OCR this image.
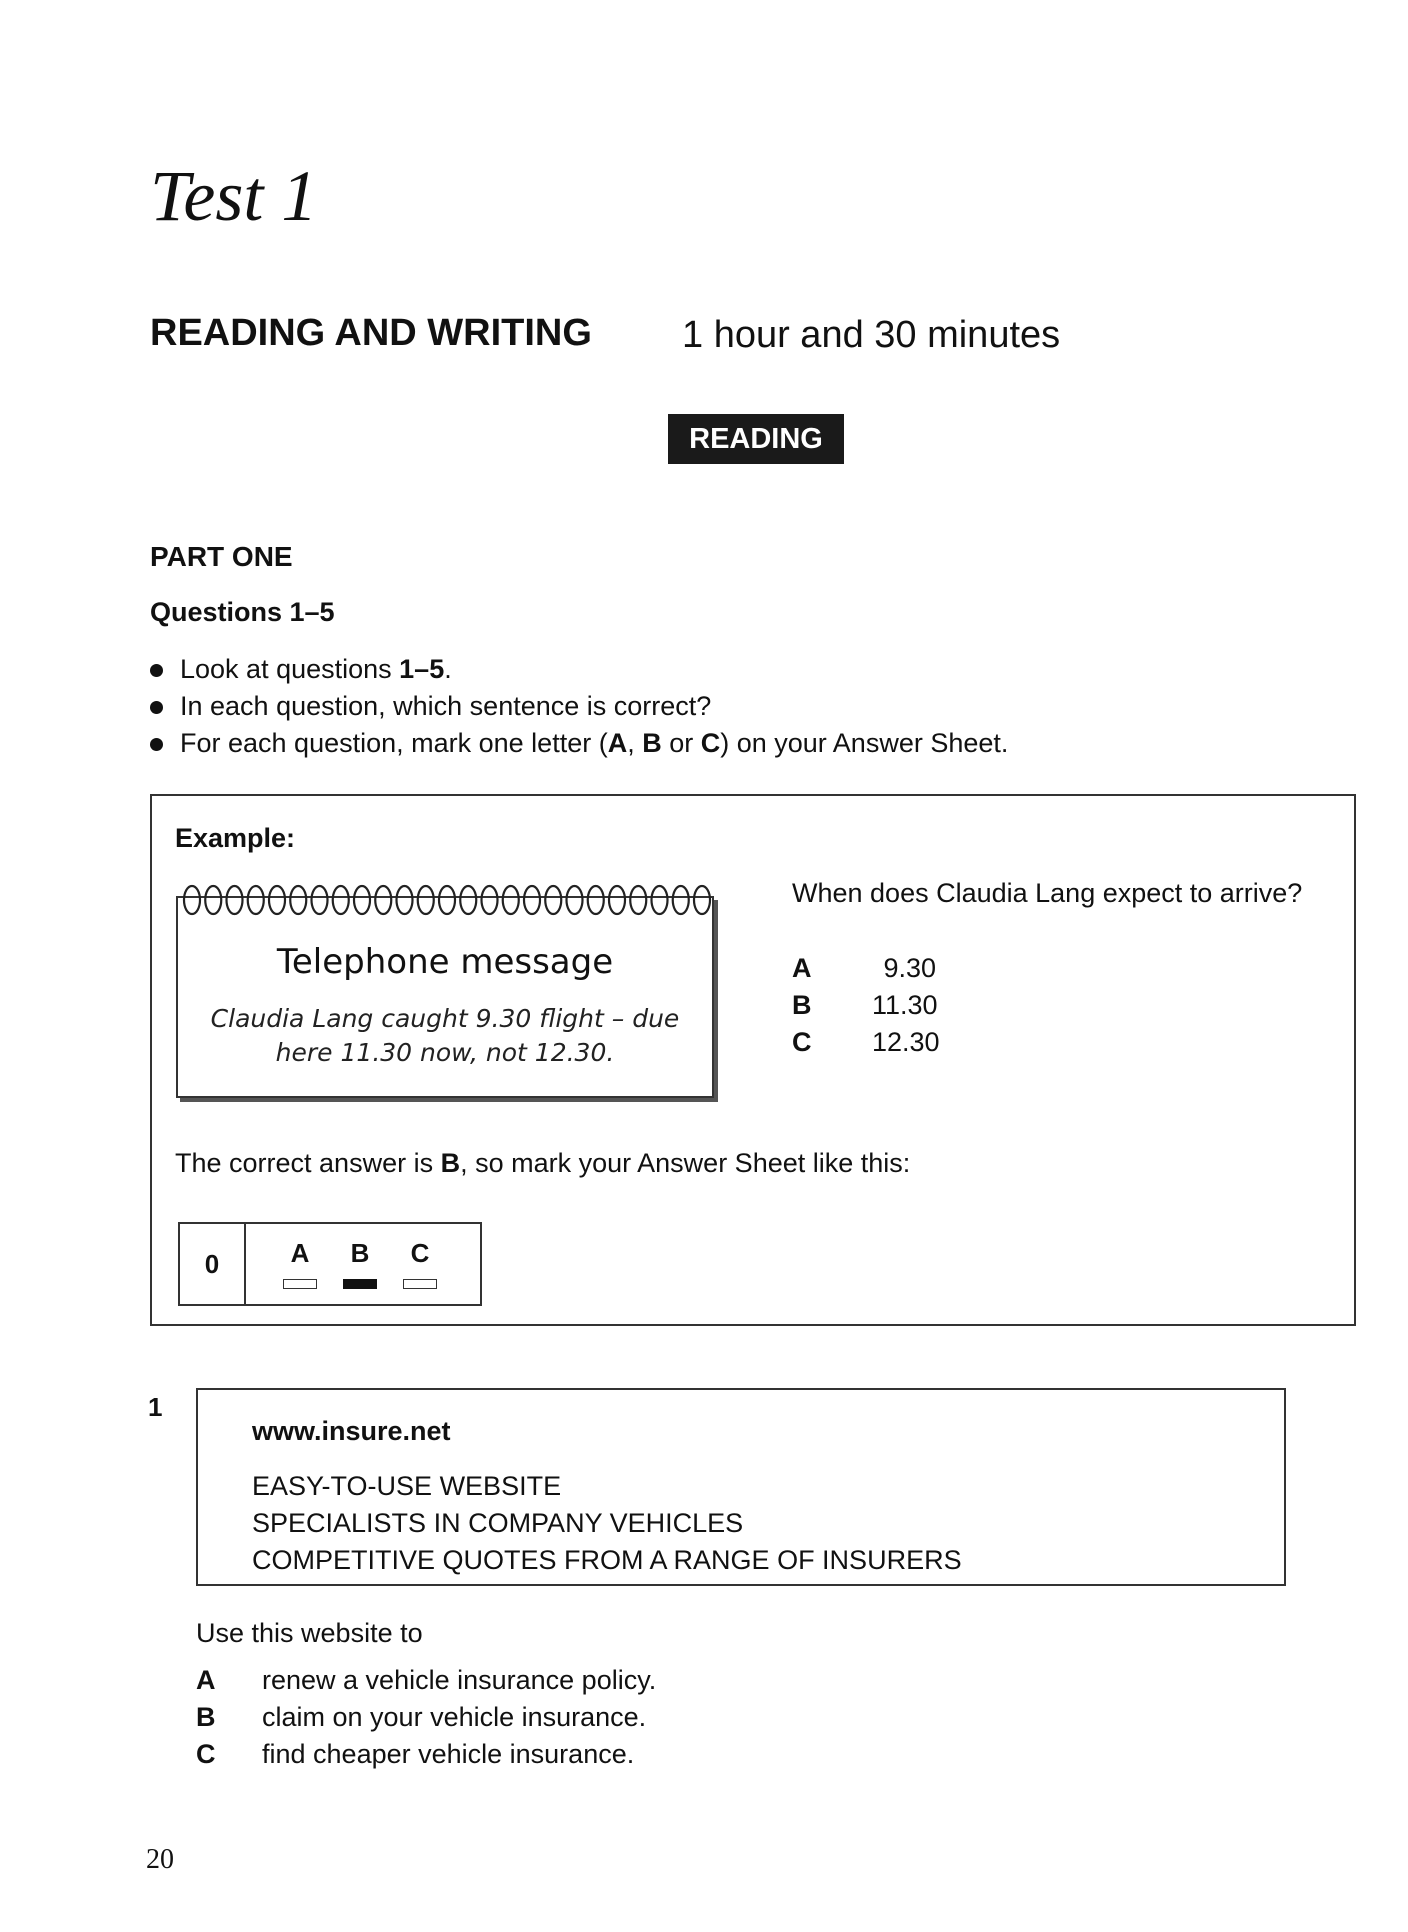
Test 1
READING AND WRITING 1 hour and 30 minutes
READING
PART ONE
Questions 1–5
Look at questions 1–5.
In each question, which sentence is correct?
For each question, mark one letter (A, B or C) on your Answer Sheet.
Example:
Telephone message
Claudia Lang caught 9.30 flight – due
here 11.30 now, not 12.30.
When does Claudia Lang expect to arrive?
A	9.30
B	11.30
C	12.30
The correct answer is B, so mark your Answer Sheet like this:
0	A	B	C
1
www.insure.net
EASY-TO-USE WEBSITE
SPECIALISTS IN COMPANY VEHICLES
COMPETITIVE QUOTES FROM A RANGE OF INSURERS
Use this website to
A	renew a vehicle insurance policy.
B	claim on your vehicle insurance.
C	find cheaper vehicle insurance.
20
